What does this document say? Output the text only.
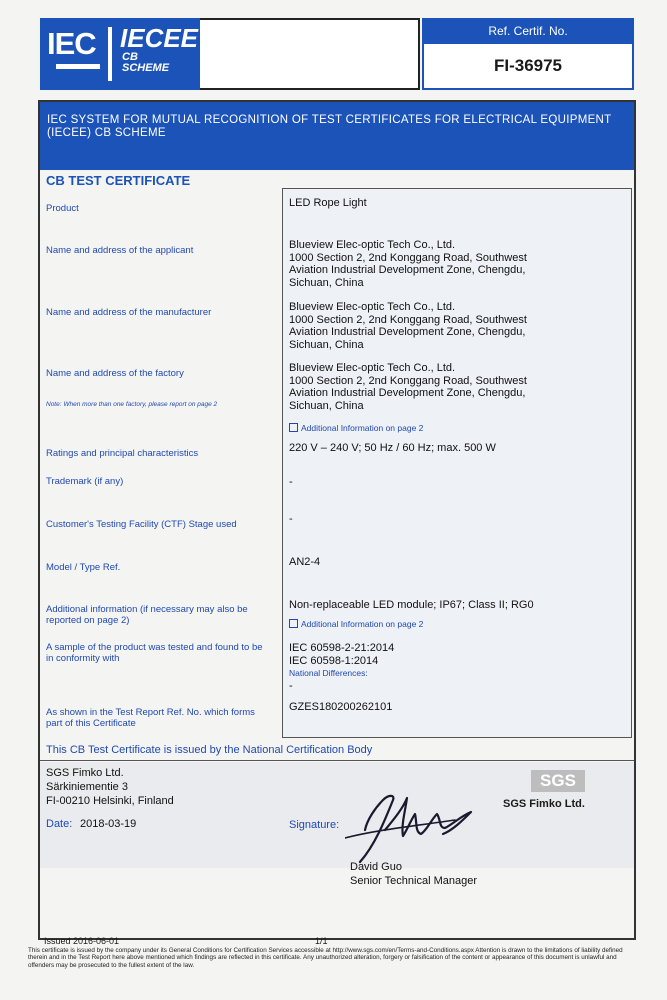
IEC IECEE
CB
SCHEME
Ref. Certif. No.
FI-36975
IEC SYSTEM FOR MUTUAL RECOGNITION OF TEST CERTIFICATES FOR ELECTRICAL EQUIPMENT (IECEE) CB SCHEME
CB TEST CERTIFICATE
Product
Name and address of the applicant
Name and address of the manufacturer
Name and address of the factory
Note: When more than one factory, please report on page 2
Ratings and principal characteristics
Trademark (if any)
Customer's Testing Facility (CTF) Stage used
Model / Type Ref.
Additional information (if necessary may also be reported on page 2)
A sample of the product was tested and found to be in conformity with
As shown in the Test Report Ref. No. which forms part of this Certificate
LED Rope Light
Blueview Elec-optic Tech Co., Ltd.
1000 Section 2, 2nd Konggang Road, Southwest
Aviation Industrial Development Zone, Chengdu,
Sichuan, China
Blueview Elec-optic Tech Co., Ltd.
1000 Section 2, 2nd Konggang Road, Southwest
Aviation Industrial Development Zone, Chengdu,
Sichuan, China
Blueview Elec-optic Tech Co., Ltd.
1000 Section 2, 2nd Konggang Road, Southwest
Aviation Industrial Development Zone, Chengdu,
Sichuan, China
Additional Information on page 2
220 V – 240 V; 50 Hz / 60 Hz; max. 500 W
-
-
AN2-4
Non-replaceable LED module; IP67; Class II; RG0
Additional Information on page 2
IEC 60598-2-21:2014
IEC 60598-1:2014
National Differences:
-
GZES180200262101
This CB Test Certificate is issued by the National Certification Body
SGS Fimko Ltd.
Särkiniementie 3
FI-00210 Helsinki, Finland
SGS
SGS Fimko Ltd.
Date: 2018-03-19	Signature:
David Guo
Senior Technical Manager
Issued 2016-06-01	1/1
This certificate is issued by the company under its General Conditions for Certification Services accessible at http://www.sgs.com/en/Terms-and-Conditions.aspx Attention is drawn to the limitations of liability defined therein and in the Test Report here above mentioned which findings are reflected in this certificate. Any unauthorized alteration, forgery or falsification of the content or appearance of this document is unlawful and offenders may be prosecuted to the fullest extent of the law.
